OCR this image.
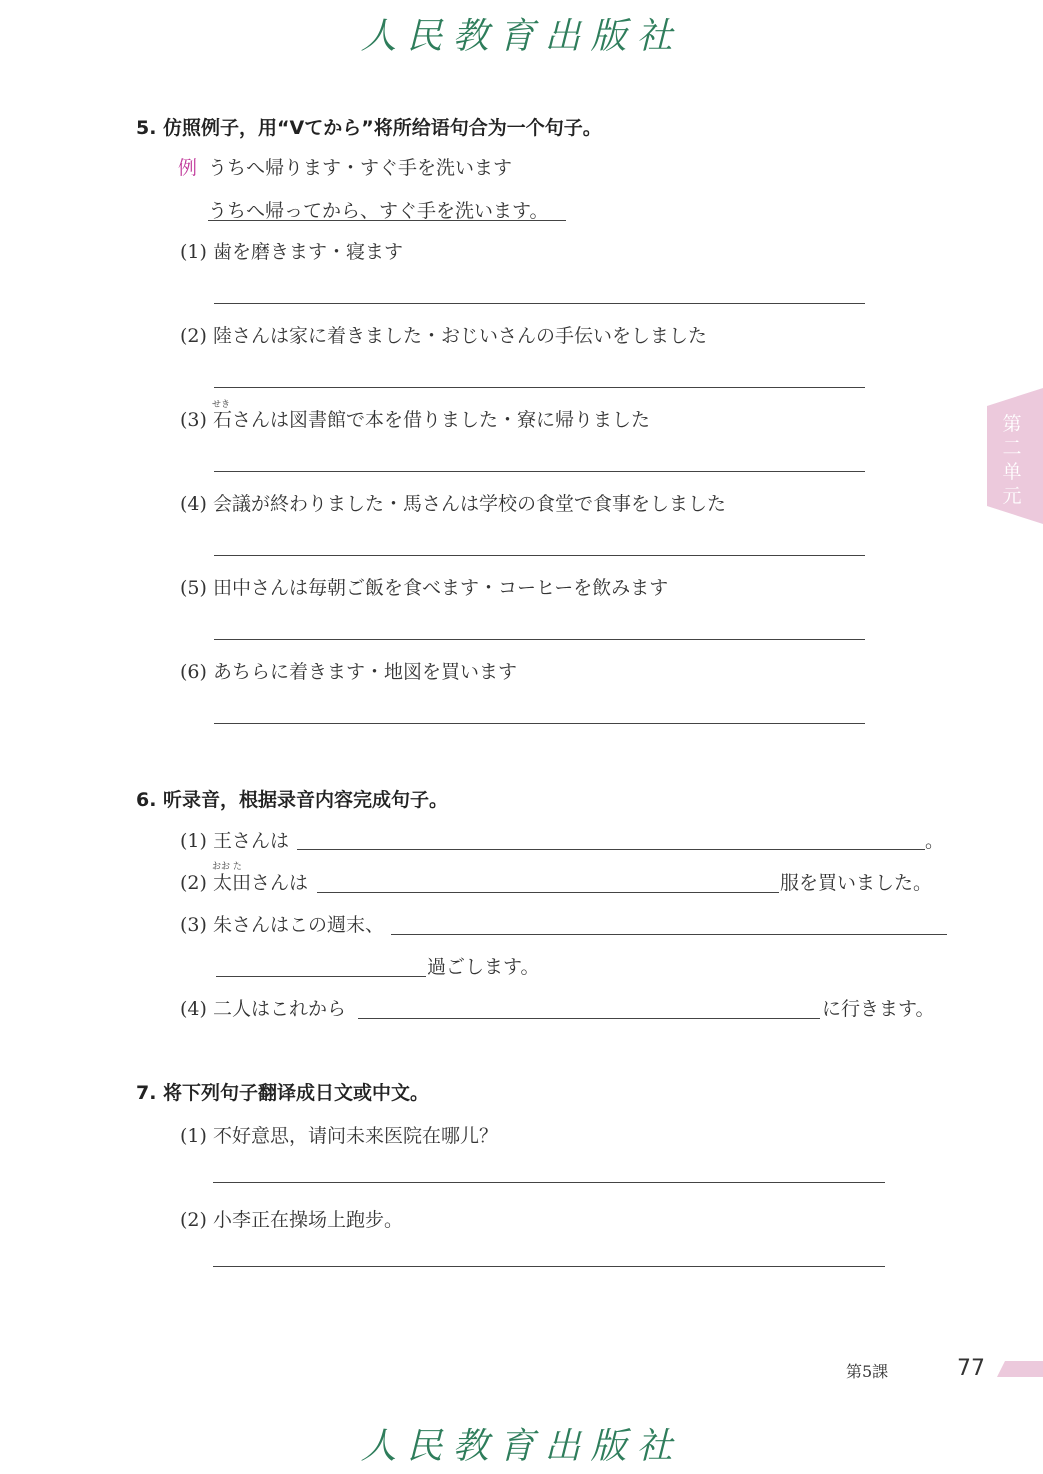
人民教育出版社
第二单元
5. 仿照例子，用“Vてから”将所给语句合为一个句子。
例 うちへ帰ります・すぐ手を洗います
うちへ帰ってから、すぐ手を洗います。
(1) 歯を磨きます・寝ます
(2) 陸さんは家に着きました・おじいさんの手伝いをしました
せき
(3) 石さんは図書館で本を借りました・寮に帰りました
(4) 会議が終わりました・馬さんは学校の食堂で食事をしました
(5) 田中さんは毎朝ご飯を食べます・コーヒーを飲みます
(6) あちらに着きます・地図を買います
6. 听录音，根据录音内容完成句子。
(1) 王さんは	。
おお た
(2) 太田さんは	服を買いました。
(3) 朱さんはこの週末、
過ごします。
(4) 二人はこれから	に行きます。
7. 将下列句子翻译成日文或中文。
(1) 不好意思，请问未来医院在哪儿？
(2) 小李正在操场上跑步。
第5課	77
人民教育出版社
